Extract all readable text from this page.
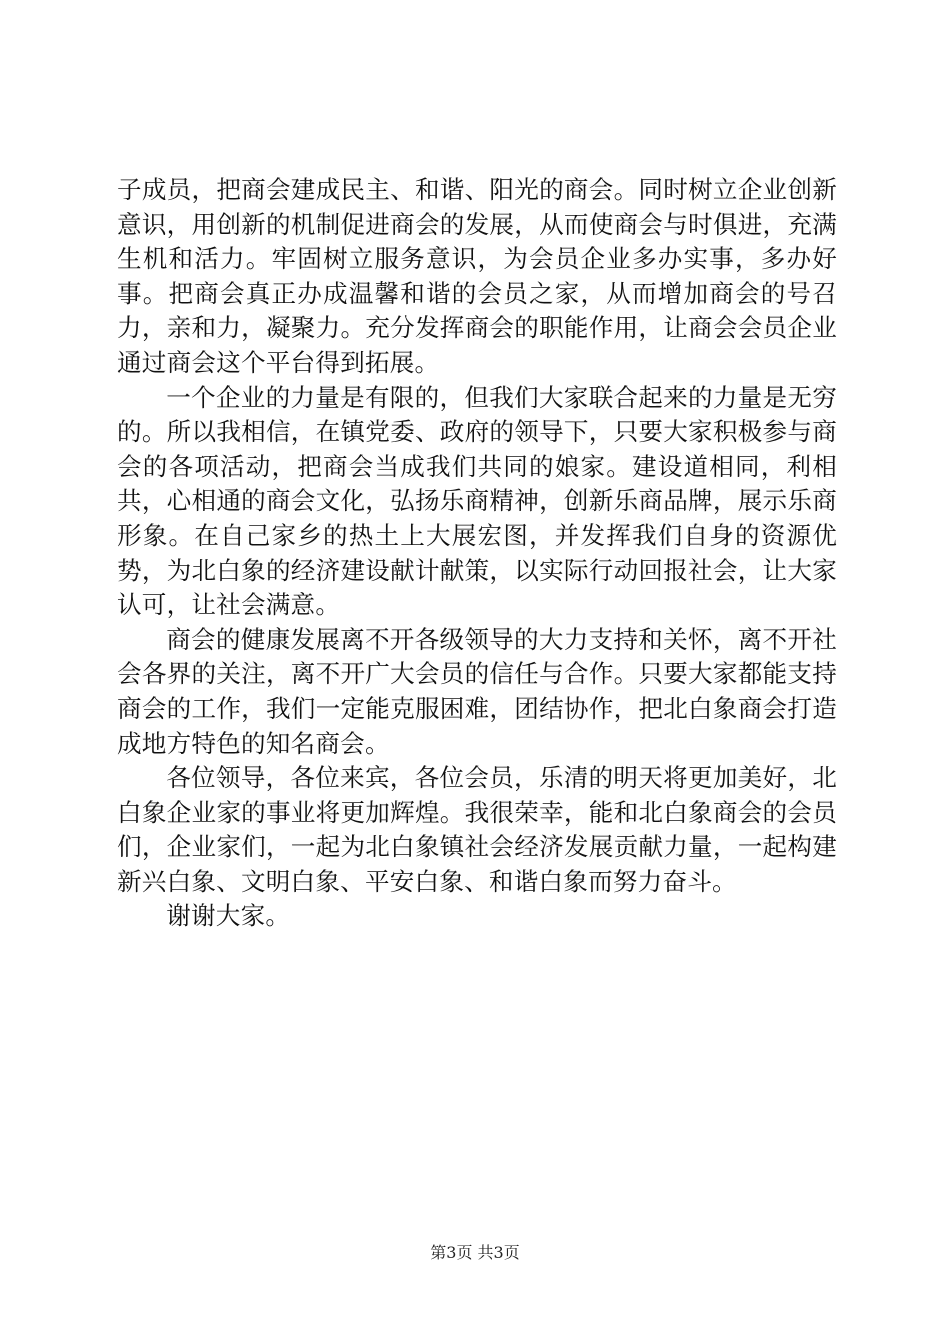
子成员，把商会建成民主、和谐、阳光的商会。同时树立企业创新意识，用创新的机制促进商会的发展，从而使商会与时俱进，充满生机和活力。牢固树立服务意识，为会员企业多办实事，多办好事。把商会真正办成温馨和谐的会员之家，从而增加商会的号召力，亲和力，凝聚力。充分发挥商会的职能作用，让商会会员企业通过商会这个平台得到拓展。

一个企业的力量是有限的，但我们大家联合起来的力量是无穷的。所以我相信，在镇党委、政府的领导下，只要大家积极参与商会的各项活动，把商会当成我们共同的娘家。建设道相同，利相共，心相通的商会文化，弘扬乐商精神，创新乐商品牌，展示乐商形象。在自己家乡的热土上大展宏图，并发挥我们自身的资源优势，为北白象的经济建设献计献策，以实际行动回报社会，让大家认可，让社会满意。

商会的健康发展离不开各级领导的大力支持和关怀，离不开社会各界的关注，离不开广大会员的信任与合作。只要大家都能支持商会的工作，我们一定能克服困难，团结协作，把北白象商会打造成地方特色的知名商会。

各位领导，各位来宾，各位会员，乐清的明天将更加美好，北白象企业家的事业将更加辉煌。我很荣幸，能和北白象商会的会员们，企业家们，一起为北白象镇社会经济发展贡献力量，一起构建新兴白象、文明白象、平安白象、和谐白象而努力奋斗。

谢谢大家。

第3页 共3页
